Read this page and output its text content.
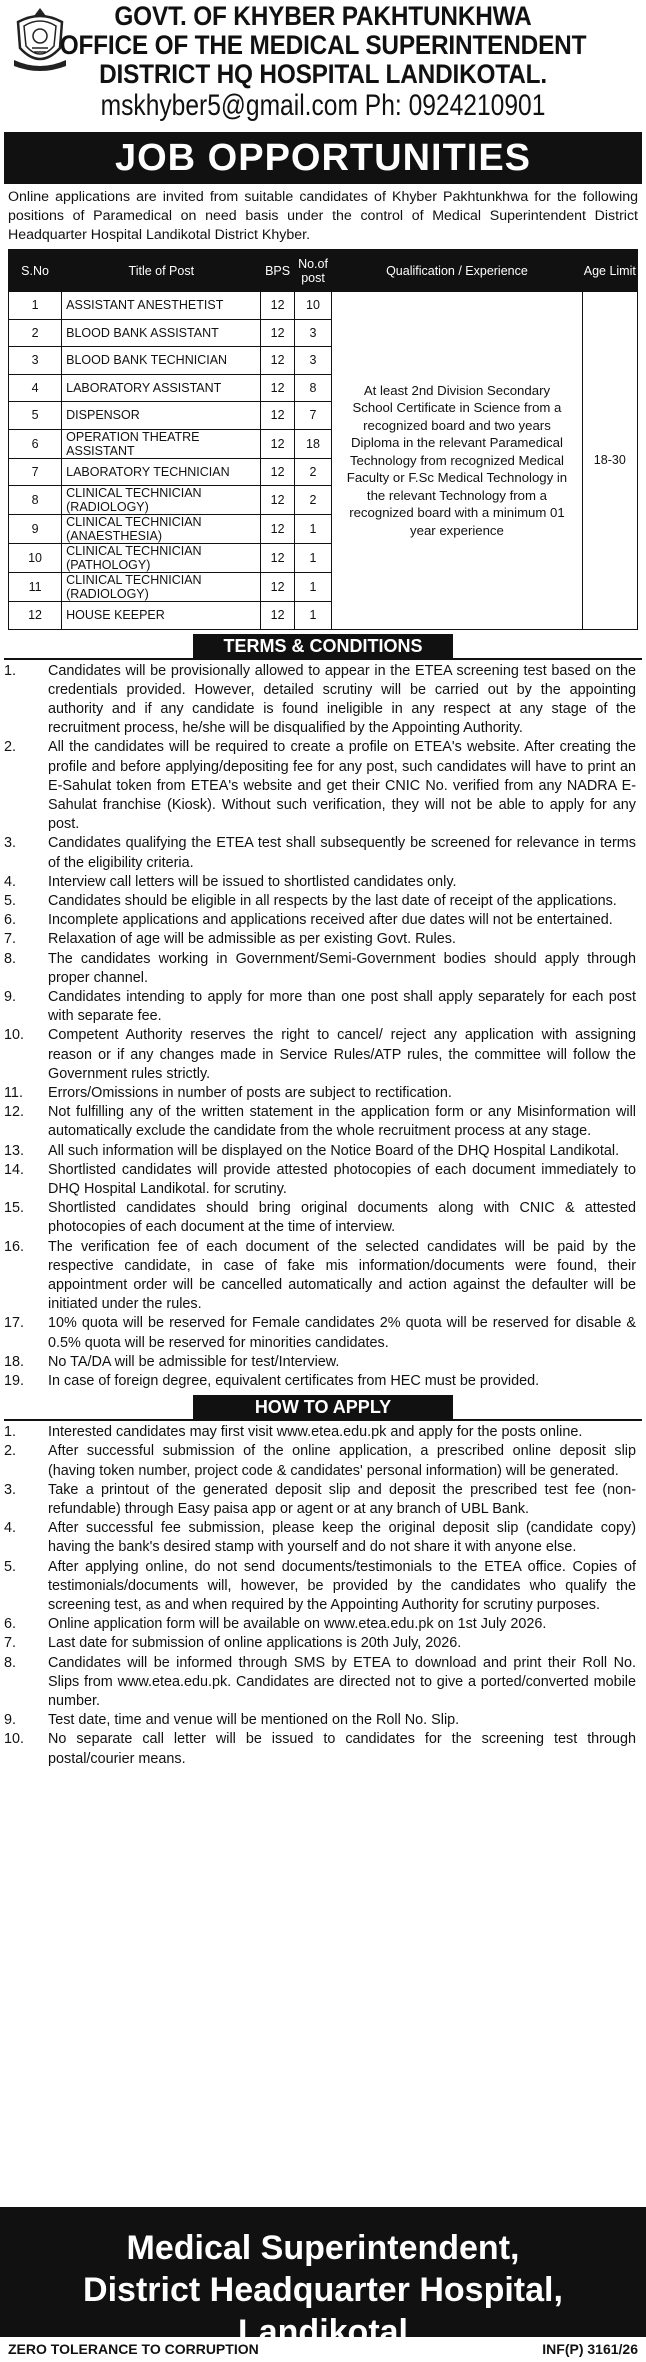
GOVT. OF KHYBER PAKHTUNKHWA
OFFICE OF THE MEDICAL SUPERINTENDENT
DISTRICT HQ HOSPITAL LANDIKOTAL.
mskhyber5@gmail.com Ph: 0924210901
JOB OPPORTUNITIES

Online applications are invited from suitable candidates of Khyber Pakhtunkhwa for the following positions of Paramedical on need basis under the control of Medical Superintendent District Headquarter Hospital Landikotal District Khyber.

S.No	Title of Post	BPS	No.of post	Qualification / Experience	Age Limit
1	ASSISTANT ANESTHETIST	12	10	At least 2nd Division Secondary School Certificate in Science from a recognized board and two years Diploma in the relevant Paramedical Technology from recognized Medical Faculty or F.Sc Medical Technology in the relevant Technology from a recognized board with a minimum 01 year experience	18-30
2	BLOOD BANK ASSISTANT	12	3		
3	BLOOD BANK TECHNICIAN	12	3		
4	LABORATORY ASSISTANT	12	8		
5	DISPENSOR	12	7		
6	OPERATION THEATRE ASSISTANT	12	18		
7	LABORATORY TECHNICIAN	12	2		
8	CLINICAL TECHNICIAN (RADIOLOGY)	12	2		
9	CLINICAL TECHNICIAN (ANAESTHESIA)	12	1		
10	CLINICAL TECHNICIAN (PATHOLOGY)	12	1		
11	CLINICAL TECHNICIAN (RADIOLOGY)	12	1		
12	HOUSE KEEPER	12	1		
TERMS & CONDITIONS
1.	Candidates will be provisionally allowed to appear in the ETEA screening test based on the credentials provided. However, detailed scrutiny will be carried out by the appointing authority and if any candidate is found ineligible in any respect at any stage of the recruitment process, he/she will be disqualified by the Appointing Authority.
2.	All the candidates will be required to create a profile on ETEA's website. After creating the profile and before applying/depositing fee for any post, such candidates will have to print an E-Sahulat token from ETEA's website and get their CNIC No. verified from any NADRA E-Sahulat franchise (Kiosk). Without such verification, they will not be able to apply for any post.
3.	Candidates qualifying the ETEA test shall subsequently be screened for relevance in terms of the eligibility criteria.
4.	Interview call letters will be issued to shortlisted candidates only.
5.	Candidates should be eligible in all respects by the last date of receipt of the applications.
6.	Incomplete applications and applications received after due dates will not be entertained.
7.	Relaxation of age will be admissible as per existing Govt. Rules.
8.	The candidates working in Government/Semi-Government bodies should apply through proper channel.
9.	Candidates intending to apply for more than one post shall apply separately for each post with separate fee.
10.	Competent Authority reserves the right to cancel/ reject any application with assigning reason or if any changes made in Service Rules/ATP rules, the committee will follow the Government rules strictly.
11.	Errors/Omissions in number of posts are subject to rectification.
12.	Not fulfilling any of the written statement in the application form or any Misinformation will automatically exclude the candidate from the whole recruitment process at any stage.
13.	All such information will be displayed on the Notice Board of the DHQ Hospital Landikotal.
14.	Shortlisted candidates will provide attested photocopies of each document immediately to DHQ Hospital Landikotal. for scrutiny.
15.	Shortlisted candidates should bring original documents along with CNIC & attested photocopies of each document at the time of interview.
16.	The verification fee of each document of the selected candidates will be paid by the respective candidate, in case of fake mis information/documents were found, their appointment order will be cancelled automatically and action against the defaulter will be initiated under the rules.
17.	10% quota will be reserved for Female candidates 2% quota will be reserved for disable & 0.5% quota will be reserved for minorities candidates.
18.	No TA/DA will be admissible for test/Interview.
19.	In case of foreign degree, equivalent certificates from HEC must be provided.
HOW TO APPLY
1.	Interested candidates may first visit www.etea.edu.pk and apply for the posts online.
2.	After successful submission of the online application, a prescribed online deposit slip (having token number, project code & candidates' personal information) will be generated.
3.	Take a printout of the generated deposit slip and deposit the prescribed test fee (non-refundable) through Easy paisa app or agent or at any branch of UBL Bank.
4.	After successful fee submission, please keep the original deposit slip (candidate copy) having the bank's desired stamp with yourself and do not share it with anyone else.
5.	After applying online, do not send documents/testimonials to the ETEA office. Copies of testimonials/documents will, however, be provided by the candidates who qualify the screening test, as and when required by the Appointing Authority for scrutiny purposes.
6.	Online application form will be available on www.etea.edu.pk on 1st July 2026.
7.	Last date for submission of online applications is 20th July, 2026.
8.	Candidates will be informed through SMS by ETEA to download and print their Roll No. Slips from www.etea.edu.pk. Candidates are directed not to give a ported/converted mobile number.
9.	Test date, time and venue will be mentioned on the Roll No. Slip.
10.	No separate call letter will be issued to candidates for the screening test through postal/courier means.
Medical Superintendent,
District Headquarter Hospital, Landikotal
ZERO TOLERANCE TO CORRUPTION	INF(P) 3161/26
